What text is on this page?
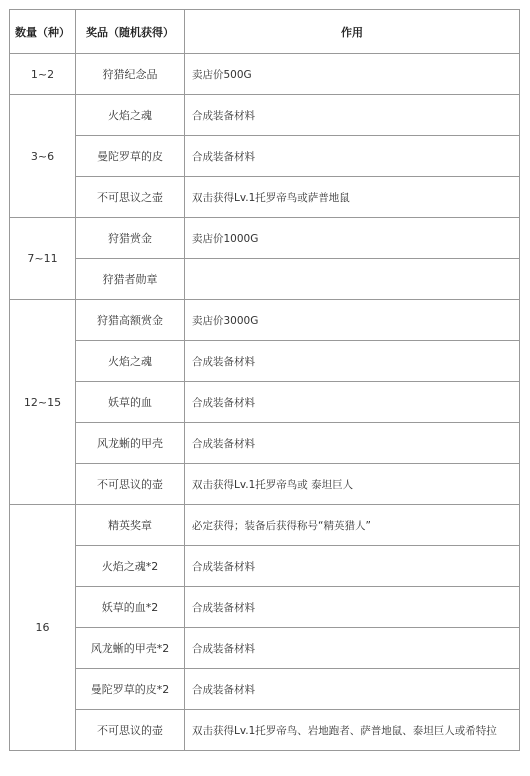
数量（种）	奖品（随机获得）	作用
1~2	狩猎纪念品	卖店价500G
3~6	火焰之魂	合成装备材料
	曼陀罗草的皮	合成装备材料
	不可思议之壶	双击获得Lv.1托罗帝鸟或萨普地鼠
7~11	狩猎赏金	卖店价1000G
	狩猎者勋章	
12~15	狩猎高额赏金	卖店价3000G
	火焰之魂	合成装备材料
	妖草的血	合成装备材料
	风龙蜥的甲壳	合成装备材料
	不可思议的壶	双击获得Lv.1托罗帝鸟或 泰坦巨人
16	精英奖章	必定获得；装备后获得称号“精英猎人”
	火焰之魂*2	合成装备材料
	妖草的血*2	合成装备材料
	风龙蜥的甲壳*2	合成装备材料
	曼陀罗草的皮*2	合成装备材料
	不可思议的壶	双击获得Lv.1托罗帝鸟、岩地跑者、萨普地鼠、泰坦巨人或希特拉
